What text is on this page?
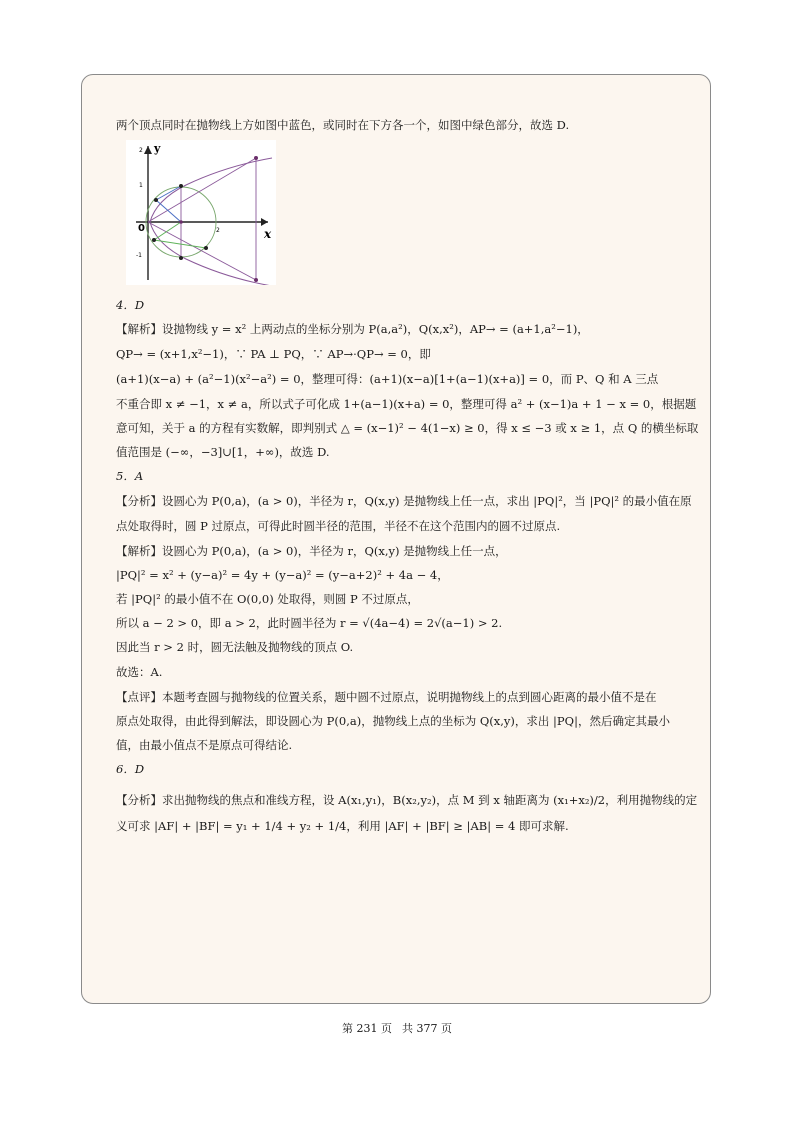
两个顶点同时在抛物线上方如图中蓝色，或同时在下方各一个，如图中绿色部分，故选 D.
y
x
2
1
0
-1
2
4．D
【解析】设抛物线 y = x² 上两动点的坐标分别为 P(a,a²)，Q(x,x²)，AP→ = (a+1,a²−1)，
QP→ = (x+1,x²−1)，∵ PA ⊥ PQ，∵ AP→·QP→ = 0，即
(a+1)(x−a) + (a²−1)(x²−a²) = 0，整理可得：(a+1)(x−a)[1+(a−1)(x+a)] = 0，而 P、Q 和 A 三点
不重合即 x ≠ −1，x ≠ a，所以式子可化成 1+(a−1)(x+a) = 0，整理可得 a² + (x−1)a + 1 − x = 0，根据题
意可知，关于 a 的方程有实数解，即判别式 △ = (x−1)² − 4(1−x) ≥ 0，得 x ≤ −3 或 x ≥ 1，点 Q 的横坐标取
值范围是 (−∞，−3]∪[1，+∞)，故选 D.
5．A
【分析】设圆心为 P(0,a)，(a > 0)，半径为 r，Q(x,y) 是抛物线上任一点，求出 |PQ|²，当 |PQ|² 的最小值在原
点处取得时，圆 P 过原点，可得此时圆半径的范围，半径不在这个范围内的圆不过原点.
【解析】设圆心为 P(0,a)，(a > 0)，半径为 r，Q(x,y) 是抛物线上任一点，
|PQ|² = x² + (y−a)² = 4y + (y−a)² = (y−a+2)² + 4a − 4，
若 |PQ|² 的最小值不在 O(0,0) 处取得，则圆 P 不过原点，
所以 a − 2 > 0，即 a > 2，此时圆半径为 r = √(4a−4) = 2√(a−1) > 2.
因此当 r > 2 时，圆无法触及抛物线的顶点 O.
故选：A.
【点评】本题考查圆与抛物线的位置关系，题中圆不过原点，说明抛物线上的点到圆心距离的最小值不是在
原点处取得，由此得到解法，即设圆心为 P(0,a)，抛物线上点的坐标为 Q(x,y)，求出 |PQ|，然后确定其最小
值，由最小值点不是原点可得结论.
6．D
【分析】求出抛物线的焦点和准线方程，设 A(x₁,y₁)，B(x₂,y₂)，点 M 到 x 轴距离为 (x₁+x₂)/2，利用抛物线的定
义可求 |AF| + |BF| = y₁ + 1/4 + y₂ + 1/4，利用 |AF| + |BF| ≥ |AB| = 4 即可求解.
第 231 页 共 377 页
